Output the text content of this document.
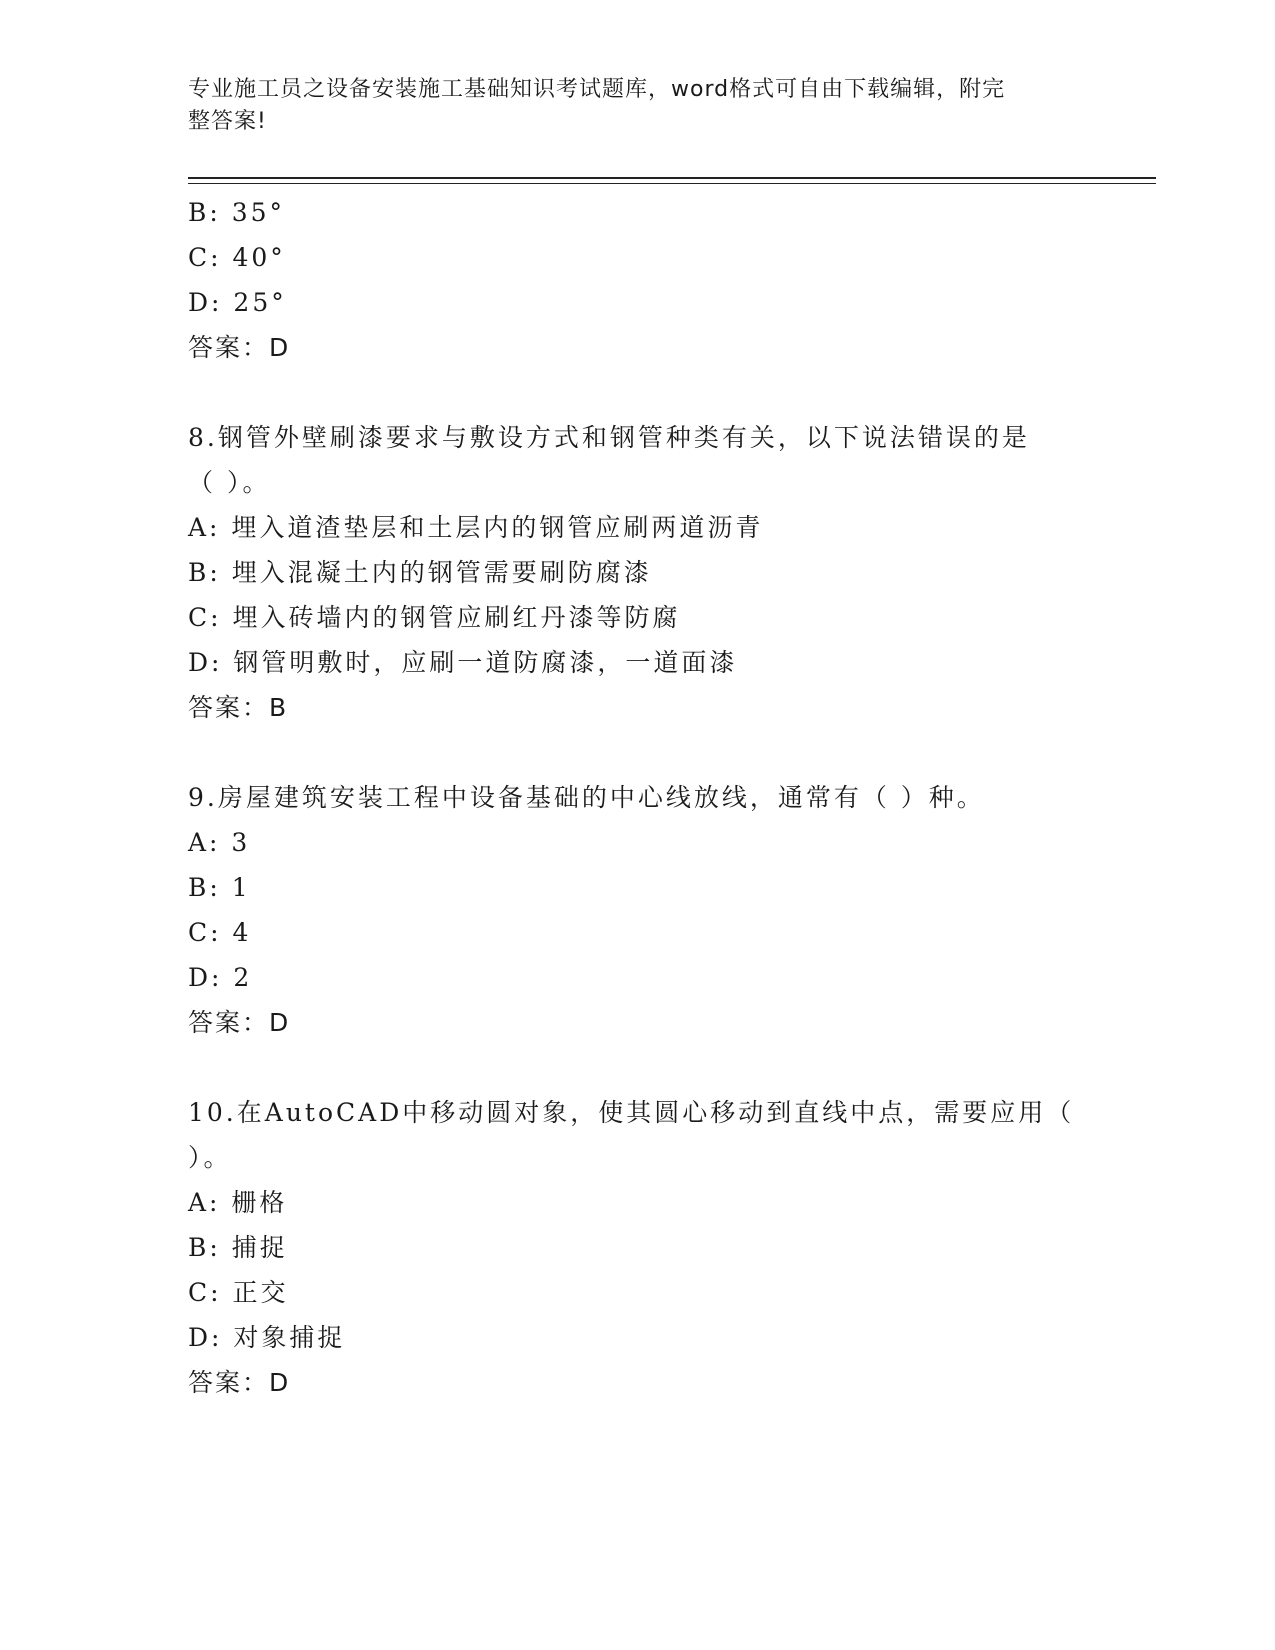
专业施工员之设备安装施工基础知识考试题库，word格式可自由下载编辑，附完
整答案!
B: 35°
C: 40°
D: 25°
答案：D
8.钢管外壁刷漆要求与敷设方式和钢管种类有关，以下说法错误的是
（ ）。
A: 埋入道渣垫层和土层内的钢管应刷两道沥青
B: 埋入混凝土内的钢管需要刷防腐漆
C: 埋入砖墙内的钢管应刷红丹漆等防腐
D: 钢管明敷时，应刷一道防腐漆，一道面漆
答案：B
9.房屋建筑安装工程中设备基础的中心线放线，通常有（ ）种。
A: 3
B: 1
C: 4
D: 2
答案：D
10.在AutoCAD中移动圆对象，使其圆心移动到直线中点，需要应用（
）。
A: 栅格
B: 捕捉
C: 正交
D: 对象捕捉
答案：D
